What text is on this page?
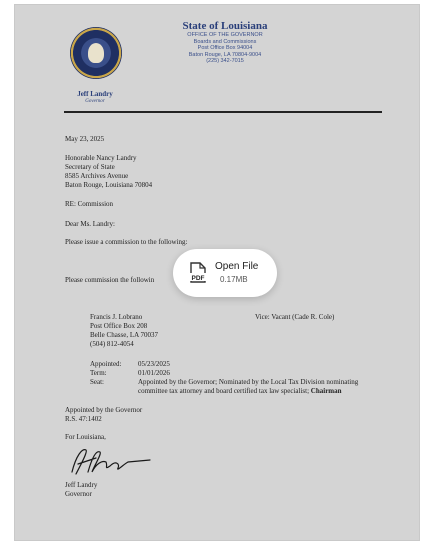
State of Louisiana
OFFICE OF THE GOVERNOR
Boards and Commissions
Post Office Box 94004
Baton Rouge, LA 70804-9004
(225) 342-7015
Jeff Landry
Governor
May 23, 2025
Honorable Nancy Landry
Secretary of State
8585 Archives Avenue
Baton Rouge, Louisiana 70804
RE: Commission
Dear Ms. Landry:
Please issue a commission to the following:
Please commission the followin
Francis J. Lobrano
Post Office Box 208
Belle Chasse, LA 70037
(504) 812-4054
Vice: Vacant (Cade R. Cole)
Appointed: 05/23/2025
Term:	01/01/2026
Seat:	Appointed by the Governor; Nominated by the Local Tax Division nominating
committee tax attorney and board certified tax law specialist; Chairman
Appointed by the Governor
R.S. 47:1402
For Louisiana,
Jeff Landry
Governor
PDF
Open File
0.17MB
